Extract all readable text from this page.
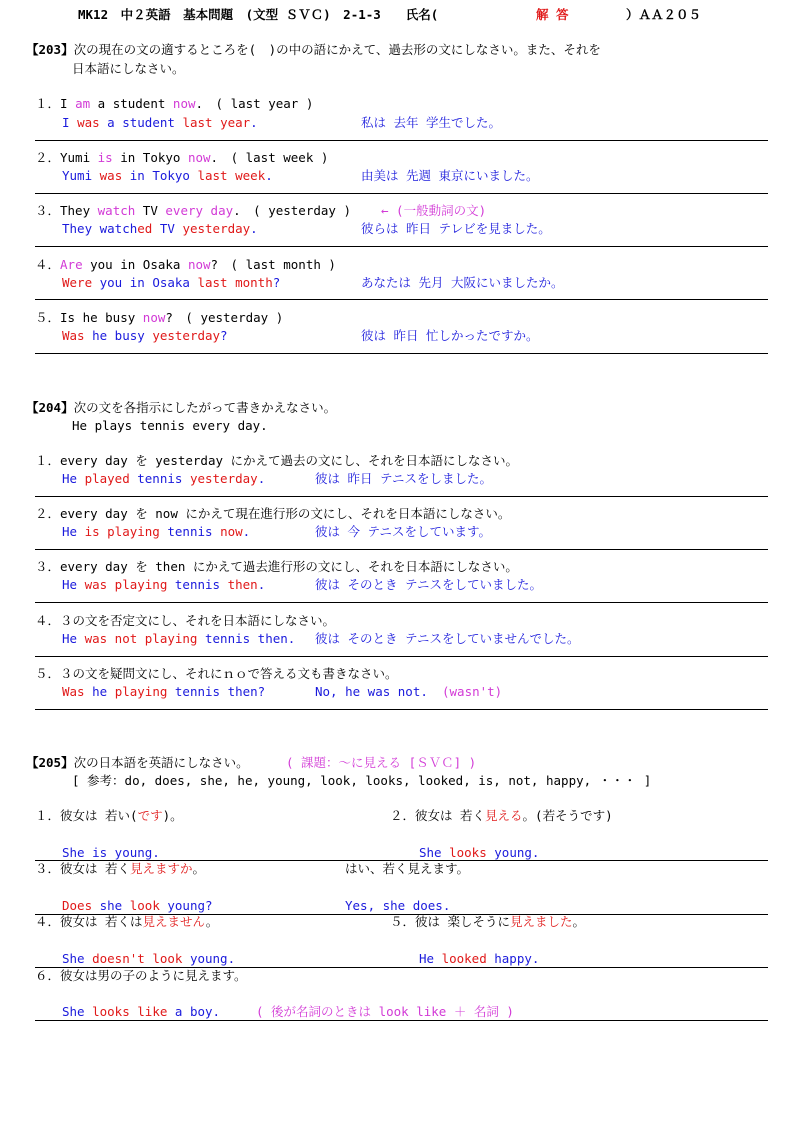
MK12　中２英語　基本問題　(文型 ＳＶＣ)　2-1-3　　氏名(	解 答	）ＡＡ２０５
【203】次の現在の文の適するところを(　)の中の語にかえて、過去形の文にしなさい。また、それを
日本語にしなさい。
１．I am a student now.　( last year )
I was a student last year.	私は 去年 学生でした。
２．Yumi is in Tokyo now.　( last week )
Yumi was in Tokyo last week.	由美は 先週 東京にいました。
３．They watch TV every day.　( yesterday ) ← (一般動詞の文)
They watched TV yesterday.	彼らは 昨日 テレビを見ました。
４．Are you in Osaka now?　( last month )
Were you in Osaka last month?	あなたは 先月 大阪にいましたか。
５．Is he busy now?　( yesterday )
Was he busy yesterday?	彼は 昨日 忙しかったですか。
【204】次の文を各指示にしたがって書きかえなさい。
He plays tennis every day.
１．every day を yesterday にかえて過去の文にし、それを日本語にしなさい。
He played tennis yesterday.	彼は 昨日 テニスをしました。
２．every day を now にかえて現在進行形の文にし、それを日本語にしなさい。
He is playing tennis now.	彼は 今 テニスをしています。
３．every day を then にかえて過去進行形の文にし、それを日本語にしなさい。
He was playing tennis then.	彼は そのとき テニスをしていました。
４．３の文を否定文にし、それを日本語にしなさい。
He was not playing tennis then. 彼は そのとき テニスをしていませんでした。
５．３の文を疑問文にし、それにｎｏで答える文も書きなさい。
Was he playing tennis then?	No, he was not. (wasn't)
【205】次の日本語を英語にしなさい。	( 課題：～に見える [ＳＶＣ] )
[ 参考：do, does, she, he, young, look, looks, looked, is, not, happy, ・・・ ]
１．彼女は 若い(です)。	２．彼女は 若く見える。(若そうです)
She is young.	She looks young.
３．彼女は 若く見えますか。	はい、若く見えます。
Does she look young?	Yes, she does.
４．彼女は 若くは見えません。	５．彼は 楽しそうに見えました。
She doesn't look young.	He looked happy.
６．彼女は男の子のように見えます。
She looks like a boy.	( 後が名詞のときは look like ＋ 名詞 )
